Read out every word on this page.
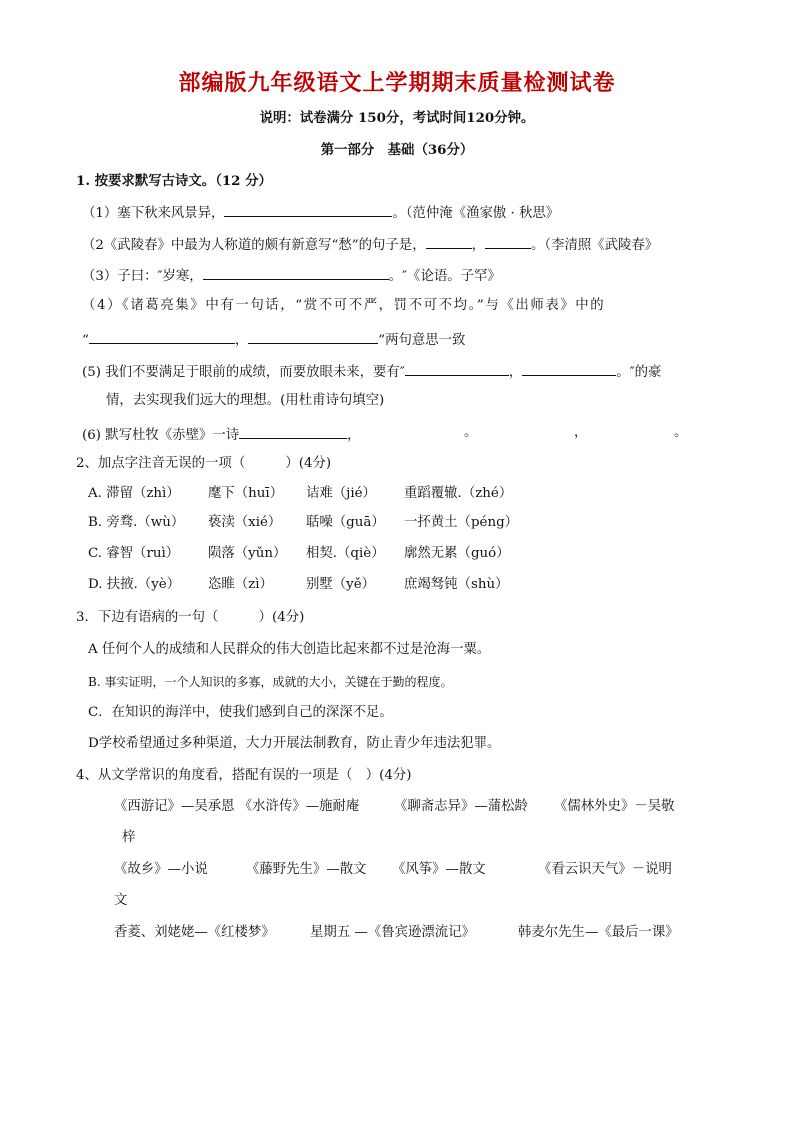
部编版九年级语文上学期期末质量检测试卷
说明：试卷满分 150分，考试时间120分钟。
第一部分　基础（36分）
1. 按要求默写古诗文。（12 分）
（1）塞下秋来风景异，	。（范仲淹《渔家傲 · 秋思》
（2《武陵春》中最为人称道的颇有新意写“愁”的句子是，	，	。（李清照《武陵春》
（3）子曰：″岁寒，	。″《论语。子罕》
（4）《诸葛亮集》中有一句话，“赏不可不严，罚不可不均。”与《出师表》中的
“	，	”两句意思一致
(5) 我们不要满足于眼前的成绩，而要放眼未来，要有″	，	。″的豪
情，去实现我们远大的理想。(用杜甫诗句填空)
(6) 默写杜牧《赤壁》一诗	，	。	，	。
2、加点字注音无误的一项（　　　）(4分)
A. 滞留（zhì） 麾下（huī） 诘难（jié） 重蹈覆辙.（zhé）
B. 旁骛.（wù） 亵渎（xié） 聒噪（guā） 一抔黄土（péng）
C. 睿智（ruì） 陨落（yǔn） 相契.（qiè） 廓然无累（guó）
D. 扶掖.（yè） 恣睢（zì） 别墅（yě） 庶竭驽钝（shù）
3．下边有语病的一句（　　　）(4分)
A 任何个人的成绩和人民群众的伟大创造比起来都不过是沧海一粟。
B. 事实证明，一个人知识的多寡，成就的大小，关键在于勤的程度。
C．在知识的海洋中，使我们感到自己的深深不足。
D学校希望通过多种渠道，大力开展法制教育，防止青少年违法犯罪。
4、从文学常识的角度看，搭配有误的一项是（　）(4分)
《西游记》—吴承恩 《水浒传》—施耐庵	《聊斋志异》—蒲松龄 《儒林外史》－吴敬
梓
《故乡》—小说	《藤野先生》—散文 《风筝》—散文	《看云识天气》－说明
文
香菱、刘姥姥—《红楼梦》	星期五 —《鲁宾逊漂流记》	韩麦尔先生—《最后一课》
